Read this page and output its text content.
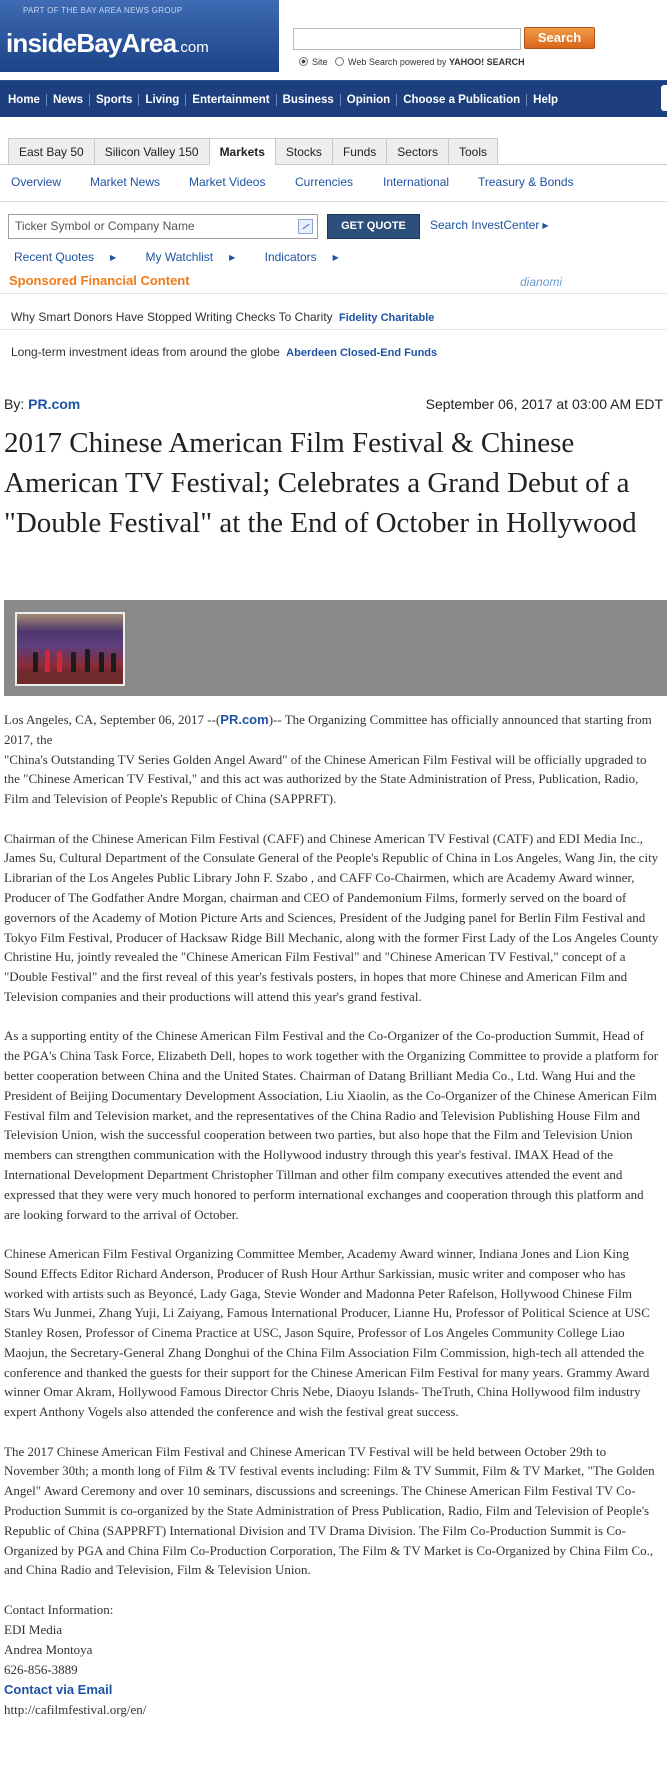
PART OF THE BAY AREA NEWS GROUP
insideBayArea.com
Search
Site Web Search powered by YAHOO! SEARCH
Home	News	Sports	Living	Entertainment	Business	Opinion	Choose a Publication	Help
East Bay 50	Silicon Valley 150	Markets	Stocks	Funds	Sectors	Tools
Overview Market News Market Videos Currencies International Treasury & Bonds
Ticker Symbol or Company Name	GET QUOTE	Search InvestCenter ▶
Recent Quotes ▶ My Watchlist ▶ Indicators ▶
Sponsored Financial Content	dianomi
Why Smart Donors Have Stopped Writing Checks To Charity Fidelity Charitable
Long-term investment ideas from around the globe Aberdeen Closed-End Funds
By: PR.com	September 06, 2017 at 03:00 AM EDT
2017 Chinese American Film Festival & Chinese American TV Festival; Celebrates a Grand Debut of a "Double Festival" at the End of October in Hollywood

Los Angeles, CA, September 06, 2017 --(PR.com)-- The Organizing Committee has officially announced that starting from 2017, the
"China's Outstanding TV Series Golden Angel Award" of the Chinese American Film Festival will be officially upgraded to the "Chinese American TV Festival," and this act was authorized by the State Administration of Press, Publication, Radio, Film and Television of People's Republic of China (SAPPRFT).

Chairman of the Chinese American Film Festival (CAFF) and Chinese American TV Festival (CATF) and EDI Media Inc., James Su, Cultural Department of the Consulate General of the People's Republic of China in Los Angeles, Wang Jin, the city Librarian of the Los Angeles Public Library John F. Szabo , and CAFF Co-Chairmen, which are Academy Award winner, Producer of The Godfather Andre Morgan, chairman and CEO of Pandemonium Films, formerly served on the board of governors of the Academy of Motion Picture Arts and Sciences, President of the Judging panel for Berlin Film Festival and Tokyo Film Festival, Producer of Hacksaw Ridge Bill Mechanic, along with the former First Lady of the Los Angeles County Christine Hu, jointly revealed the "Chinese American Film Festival" and "Chinese American TV Festival," concept of a "Double Festival" and the first reveal of this year's festivals posters, in hopes that more Chinese and American Film and Television companies and their productions will attend this year's grand festival.

As a supporting entity of the Chinese American Film Festival and the Co-Organizer of the Co-production Summit, Head of the PGA's China Task Force, Elizabeth Dell, hopes to work together with the Organizing Committee to provide a platform for better cooperation between China and the United States. Chairman of Datang Brilliant Media Co., Ltd. Wang Hui and the President of Beijing Documentary Development Association, Liu Xiaolin, as the Co-Organizer of the Chinese American Film Festival film and Television market, and the representatives of the China Radio and Television Publishing House Film and Television Union, wish the successful cooperation between two parties, but also hope that the Film and Television Union members can strengthen communication with the Hollywood industry through this year's festival. IMAX Head of the International Development Department Christopher Tillman and other film company executives attended the event and expressed that they were very much honored to perform international exchanges and cooperation through this platform and are looking forward to the arrival of October.

Chinese American Film Festival Organizing Committee Member, Academy Award winner, Indiana Jones and Lion King Sound Effects Editor Richard Anderson, Producer of Rush Hour Arthur Sarkissian, music writer and composer who has worked with artists such as Beyoncé, Lady Gaga, Stevie Wonder and Madonna Peter Rafelson, Hollywood Chinese Film Stars Wu Junmei, Zhang Yuji, Li Zaiyang, Famous International Producer, Lianne Hu, Professor of Political Science at USC Stanley Rosen, Professor of Cinema Practice at USC, Jason Squire, Professor of Los Angeles Community College Liao Maojun, the Secretary-General Zhang Donghui of the China Film Association Film Commission, high-tech all attended the conference and thanked the guests for their support for the Chinese American Film Festival for many years. Grammy Award winner Omar Akram, Hollywood Famous Director Chris Nebe, Diaoyu Islands- TheTruth, China Hollywood film industry expert Anthony Vogels also attended the conference and wish the festival great success.

The 2017 Chinese American Film Festival and Chinese American TV Festival will be held between October 29th to November 30th; a month long of Film & TV festival events including: Film & TV Summit, Film & TV Market, "The Golden Angel" Award Ceremony and over 10 seminars, discussions and screenings. The Chinese American Film Festival TV Co-Production Summit is co-organized by the State Administration of Press Publication, Radio, Film and Television of People's Republic of China (SAPPRFT) International Division and TV Drama Division. The Film Co-Production Summit is Co-Organized by PGA and China Film Co-Production Corporation, The Film & TV Market is Co-Organized by China Film Co., and China Radio and Television, Film & Television Union.

Contact Information:
EDI Media
Andrea Montoya
626-856-3889
Contact via Email
http://cafilmfestival.org/en/
